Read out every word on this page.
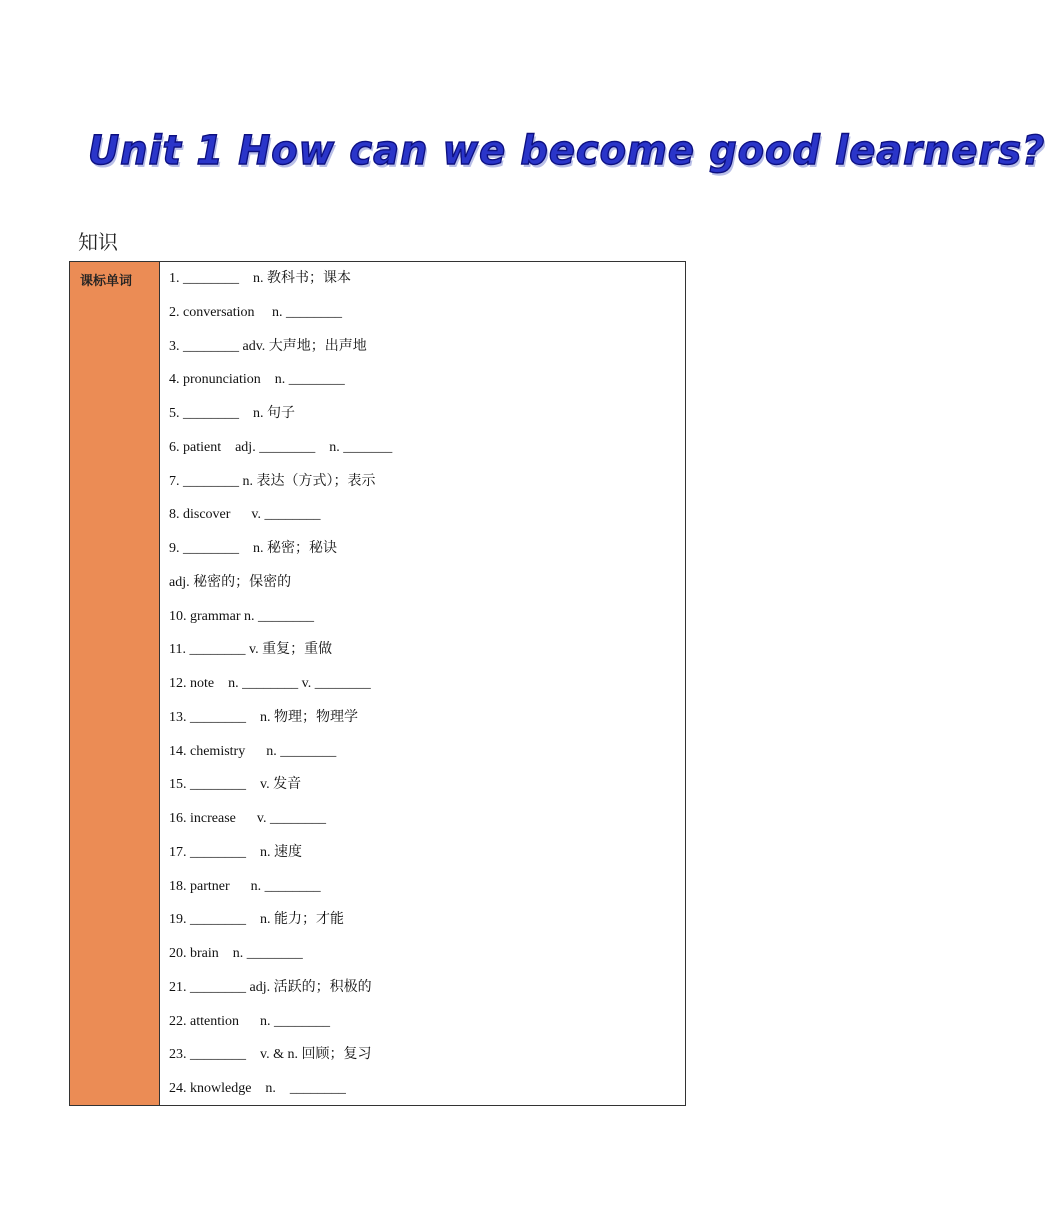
Unit 1 How can we become good learners?
知识
课标单词	1. ________    n. 教科书；课本
2. conversation     n. ________
3. ________ adv. 大声地；出声地
4. pronunciation    n. ________
5. ________    n. 句子
6. patient    adj. ________    n. _______
7. ________ n. 表达（方式）；表示
8. discover      v. ________
9. ________    n. 秘密；秘诀
adj. 秘密的；保密的
10. grammar n. ________
11. ________ v. 重复；重做
12. note    n. ________ v. ________
13. ________    n. 物理；物理学
14. chemistry      n. ________
15. ________    v. 发音
16. increase      v. ________
17. ________    n. 速度
18. partner      n. ________
19. ________    n. 能力；才能
20. brain    n. ________
21. ________ adj. 活跃的；积极的
22. attention      n. ________
23. ________    v. & n. 回顾；复习
24. knowledge    n.    ________
